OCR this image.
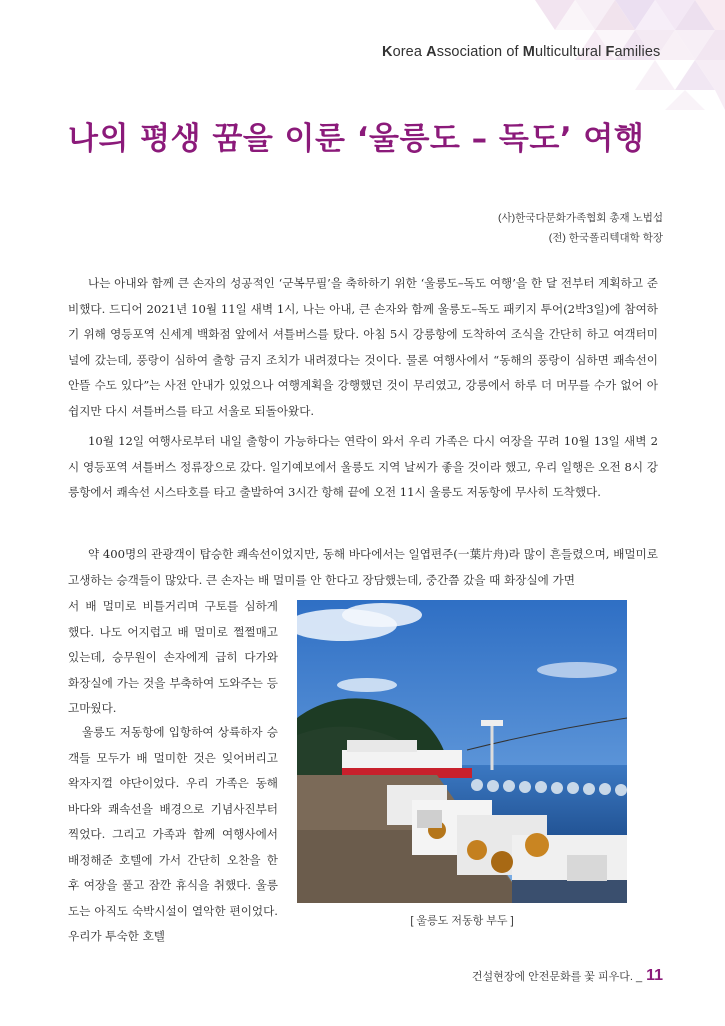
Korea Association of Multicultural Families
나의 평생 꿈을 이룬 ‘울릉도 – 독도’ 여행
(사)한국다문화가족협회 총재 노법섭
(전) 한국폴리텍대학 학장

나는 아내와 함께 큰 손자의 성공적인 ‘군복무필’을 축하하기 위한 ‘울릉도–독도 여행’을 한 달 전부터 계획하고 준비했다. 드디어 2021년 10월 11일 새벽 1시, 나는 아내, 큰 손자와 함께 울릉도–독도 패키지 투어(2박3일)에 참여하기 위해 영등포역 신세계 백화점 앞에서 셔틀버스를 탔다. 아침 5시 강릉항에 도착하여 조식을 간단히 하고 여객터미널에 갔는데, 풍랑이 심하여 출항 금지 조치가 내려졌다는 것이다. 물론 여행사에서 “동해의 풍랑이 심하면 쾌속선이 안뜰 수도 있다”는 사전 안내가 있었으나 여행계획을 강행했던 것이 무리였고, 강릉에서 하루 더 머무를 수가 없어 아쉽지만 다시 셔틀버스를 타고 서울로 되돌아왔다.

10월 12일 여행사로부터 내일 출항이 가능하다는 연락이 와서 우리 가족은 다시 여장을 꾸려 10월 13일 새벽 2시 영등포역 셔틀버스 정류장으로 갔다. 일기예보에서 울릉도 지역 날씨가 좋을 것이라 했고, 우리 일행은 오전 8시 강릉항에서 쾌속선 시스타호를 타고 출발하여 3시간 항해 끝에 오전 11시 울릉도 저동항에 무사히 도착했다.

약 400명의 관광객이 탑승한 쾌속선이었지만, 동해 바다에서는 일엽편주(一葉片舟)라 많이 흔들렸으며, 배멀미로 고생하는 승객들이 많았다. 큰 손자는 배 멀미를 안 한다고 장담했는데, 중간쯤 갔을 때 화장실에 가면

서 배 멀미로 비틀거리며 구토를 심하게 했다. 나도 어지럽고 배 멀미로 쩔쩔매고 있는데, 승무원이 손자에게 급히 다가와 화장실에 가는 것을 부축하여 도와주는 등 고마웠다.

울릉도 저동항에 입항하여 상륙하자 승객들 모두가 배 멀미한 것은 잊어버리고 왁자지껄 야단이었다. 우리 가족은 동해 바다와 쾌속선을 배경으로 기념사진부터 찍었다. 그리고 가족과 함께 여행사에서 배정해준 호텔에 가서 간단히 오찬을 한 후 여장을 풀고 잠깐 휴식을 취했다. 울릉도는 아직도 숙박시설이 열악한 편이었다. 우리가 투숙한 호텔

[ 울릉도 저동항 부두 ]
건설현장에 안전문화를 꽃 피우다. _ 11
